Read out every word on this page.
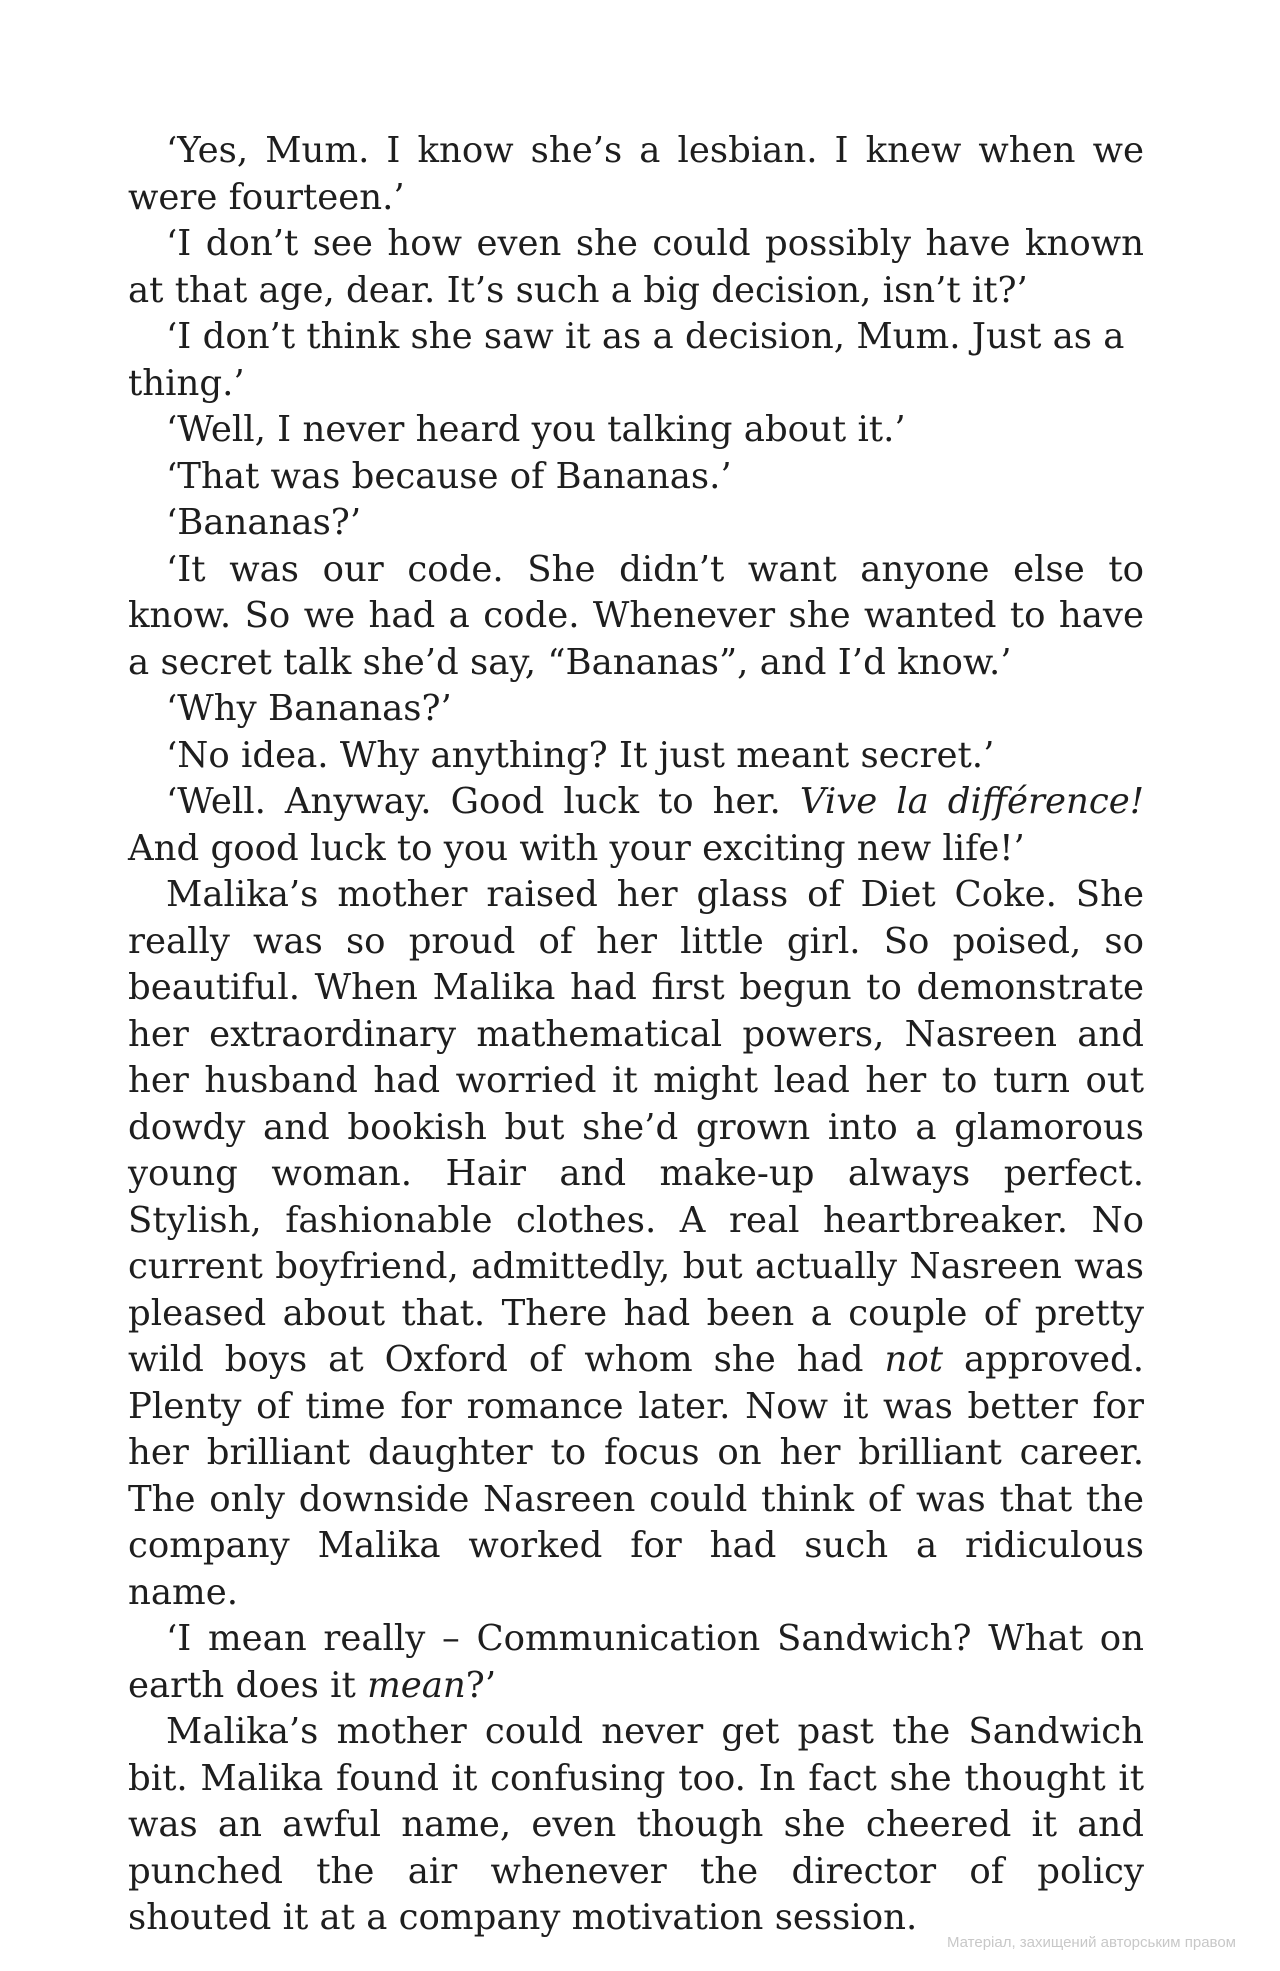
‘Yes, Mum. I know she’s a lesbian. I knew when we were fourteen.’

‘I don’t see how even she could possibly have known at that age, dear. It’s such a big decision, isn’t it?’

‘I don’t think she saw it as a decision, Mum. Just as a thing.’

‘Well, I never heard you talking about it.’

‘That was because of Bananas.’

‘Bananas?’

‘It was our code. She didn’t want anyone else to know. So we had a code. Whenever she wanted to have a secret talk she’d say, “Bananas”, and I’d know.’

‘Why Bananas?’

‘No idea. Why anything? It just meant secret.’

‘Well. Anyway. Good luck to her. Vive la différence! And good luck to you with your exciting new life!’

Malika’s mother raised her glass of Diet Coke. She really was so proud of her little girl. So poised, so beautiful. When Malika had first begun to demonstrate her extraordinary mathematical powers, Nasreen and her husband had worried it might lead her to turn out dowdy and bookish but she’d grown into a glamorous young woman. Hair and make-up always perfect. Stylish, fashionable clothes. A real heartbreaker. No current boyfriend, admittedly, but actually Nasreen was pleased about that. There had been a couple of pretty wild boys at Oxford of whom she had not approved. Plenty of time for romance later. Now it was better for her brilliant daughter to focus on her brilliant career. The only downside Nasreen could think of was that the company Malika worked for had such a ridiculous name.

‘I mean really – Communication Sandwich? What on earth does it mean?’

Malika’s mother could never get past the Sandwich bit. Malika found it confusing too. In fact she thought it was an awful name, even though she cheered it and punched the air whenever the director of policy shouted it at a company motivation session.

Матеріал, захищений авторським правом
